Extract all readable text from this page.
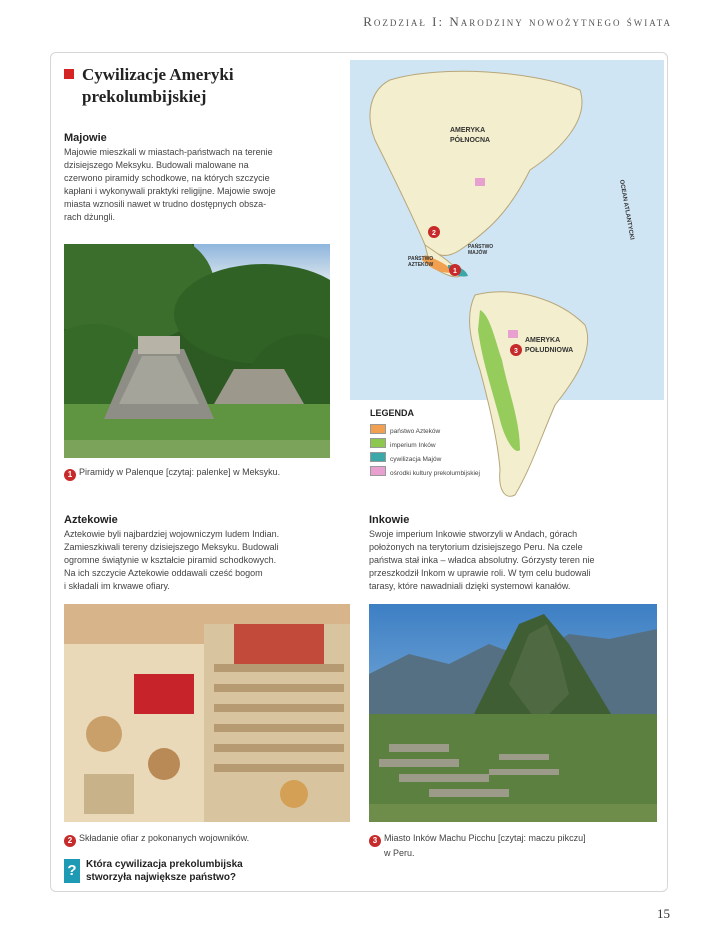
Rozdział I: Narodziny nowożytnego świata
Cywilizacje Ameryki
prekolumbijskiej
Majowie
Majowie mieszkali w miastach-państwach na terenie
dzisiejszego Meksyku. Budowali malowane na
czerwono piramidy schodkowe, na których szczycie
kapłani i wykonywali praktyki religijne. Majowie swoje
miasta wznosili nawet w trudno dostępnych obsza-
rach dżungli.
1 Piramidy w Palenque [czytaj: palenke] w Meksyku.
AMERYKA
PÓŁNOCNA
AMERYKA
POŁUDNIOWA
PAŃSTWO
MAJÓW
PAŃSTWO
AZTEKÓW
OCEAN ATLANTYCKI
2
1
3
LEGENDA
państwo Azteków
imperium Inków
cywilizacja Majów
ośrodki kultury prekolumbijskiej
Aztekowie
Aztekowie byli najbardziej wojowniczym ludem Indian.
Zamieszkiwali tereny dzisiejszego Meksyku. Budowali
ogromne świątynie w kształcie piramid schodkowych.
Na ich szczycie Aztekowie oddawali cześć bogom
i składali im krwawe ofiary.
2 Składanie ofiar z pokonanych wojowników.
Inkowie
Swoje imperium Inkowie stworzyli w Andach, górach
położonych na terytorium dzisiejszego Peru. Na czele
państwa stał inka – władca absolutny. Górzysty teren nie
przeszkodził Inkom w uprawie roli. W tym celu budowali
tarasy, które nawadniali dzięki systemowi kanałów.
3 Miasto Inków Machu Picchu [czytaj: maczu pikczu]
w Peru.
? Która cywilizacja prekolumbijska
stworzyła największe państwo?
15
